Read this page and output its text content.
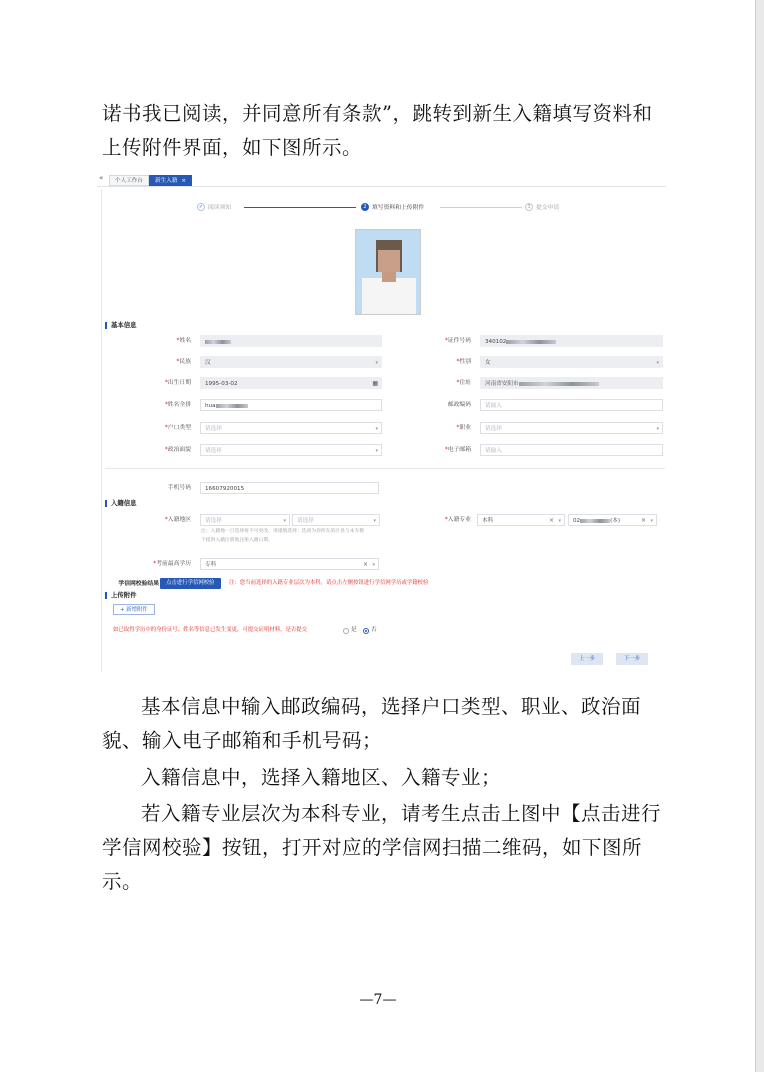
诺书我已阅读，并同意所有条款”，跳转到新生入籍填写资料和上传附件界面，如下图所示。

«	个人工作台	新生入籍 ×
✓ 阅读须知	2 填写资料和上传附件	3 提交申请
基本信息
*姓名	*证件号码	340102
*民族	汉	▾	*性别	女	▾
*出生日期	1995-03-02	▦	*住址	河南省安阳市
*姓名全拼	hua	邮政编码	请输入
*户口类型	请选择	▾	*职业	请选择	▾
*政治面貌	请选择	▾	*电子邮箱	请输入
手机号码	16607920015
入籍信息
*入籍地区	请选择	▾	请选择	▾
注：入籍地一旦选择将不可更改，请谨慎选择；选项为你所在的区县与本专教
不提供入籍注册地注册入籍日期。
*入籍专业	本科	× ▾	02	(本)	× ▾
*考前最高学历	专科	× ▾
学信网校验结果	点击进行学信网校验	注：您当前选择的入籍专业层次为本科，请点击左侧按钮进行学信网学历或学籍校验
上传附件
+ 新增附件
如已取得学历中的身份证号、姓名等信息已发生变更，可提交证明材料，是否提交	是	否
上一步	下一步

基本信息中输入邮政编码，选择户口类型、职业、政治面貌、输入电子邮箱和手机号码；

入籍信息中，选择入籍地区、入籍专业；

若入籍专业层次为本科专业，请考生点击上图中【点击进行学信网校验】按钮，打开对应的学信网扫描二维码，如下图所示。

—7—
